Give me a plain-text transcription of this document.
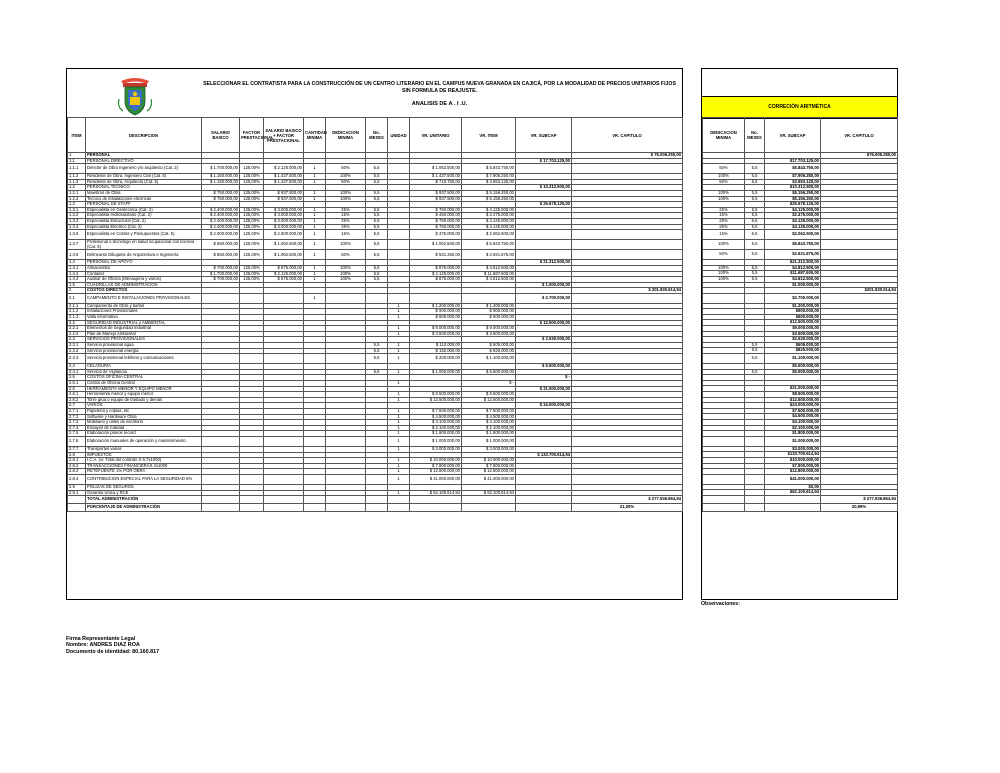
SELECCIONAR EL CONTRATISTA PARA LA CONSTRUCCIÓN DE UN CENTRO LITERARIO EN EL CAMPUS NUEVA GRANADA EN CAJICÁ, POR LA MODALIDAD DE PRECIOS UNITARIOS FIJOS SIN FORMULA DE REAJUSTE.
ANALISIS DE A . I .U.
ITEM	DESCRIPCION	SALARIO BASICO	FACTOR PRESTACIONAL	SALARIO BASICO + FACTOR PRESTACIONAL	CANTIDAD MINIMA	DEDICACION MINIMA	No. MESES	UNIDAD	VR. UNITARIO	VR. ITEM	VR. SUBCAP	VR. CAPITULO
1	PERSONAL											$ 76.006.250,00
1.1	PERSONAL DIRECTIVO										$ 17.703.125,00	
1.1.1	Director de Obra Ingeniero y/o arquitecto (Cat. 2)	$ 1.700.000,00	125,00%	$ 2.125.000,00	1	50%	5,5		$ 1.062.500,00	$ 5.843.750,00		
1.1.2	Residente de Obra, Ingeniero Civil (Cat. 5)	$ 1.150.000,00	125,00%	$ 1.437.500,00	1	100%	5,5		$ 1.437.500,00	$ 7.906.250,00		
1.1.3	Residente de Obra, Arquitecto (Cat. 5)	$ 1.150.000,00	125,00%	$ 1.437.500,00	1	50%	5,5		$ 718.750,00	$ 3.953.125,00		
1.2	PERSONAL TECNICO										$ 10.312.500,00	
1.2.1	Maestros de Obra	$ 750.000,00	125,00%	$ 937.500,00	1	100%	5,5		$ 937.500,00	$ 5.156.250,00		
1.2.2	Tecnico de instalaciones electricas	$ 750.000,00	125,00%	$ 937.500,00	1	100%	5,5		$ 937.500,00	$ 5.156.250,00		
1.3	PERSONAL DE STAFF										$ 25.678.125,00	
1.3.1	Especialista en Geotecnica (Cat. 2)	$ 2.400.000,00	125,00%	$ 3.000.000,00	1	25%	5,5		$ 750.000,00	$ 4.125.000,00		
1.3.2	Especialista Hidrosanitario (Cat. 2)	$ 2.400.000,00	125,00%	$ 3.000.000,00	1	15%	5,5		$ 450.000,00	$ 2.475.000,00		
1.3.3	Especialista Estructural (Cat. 2)	$ 2.400.000,00	125,00%	$ 3.000.000,00	1	25%	5,5		$ 750.000,00	$ 4.125.000,00		
1.3.4	Especialista Eléctrico (Cat. 2)	$ 2.400.000,00	125,00%	$ 3.000.000,00	1	25%	5,5		$ 750.000,00	$ 4.125.000,00		
1.3.6	Especialista en Costos y Presupuestos (Cat. 5)	$ 2.000.000,00	125,00%	$ 2.500.000,00	1	15%	5,5		$ 375.000,00	$ 2.062.500,00		
1.3.7	Profesional o tecnólogo en salud ocupacional con licencia (Cat. 5)	$ 850.000,00	125,00%	$ 1.062.500,00	1	100%	5,5		$ 1.062.500,00	$ 5.843.750,00		
1.3.8	Delineante Dibujante de Arquitectura e Ingeniería	$ 850.000,00	125,00%	$ 1.062.500,00	1	50%	5,5		$ 531.250,00	$ 2.921.875,00		
1.4	PERSONAL DE APOYO										$ 21.312.500,00	
1.4.1	Almacenista	$ 700.000,00	125,00%	$ 875.000,00	1	100%	5,5		$ 875.000,00	$ 4.812.500,00		
1.4.2	Contador	$ 1.700.000,00	125,00%	$ 2.125.000,00	1	100%	5,5		$ 2.125.000,00	$ 11.687.500,00		
1.4.4	Auxiliar de Oficina (Mensajería y varios)	$ 700.000,00	125,00%	$ 875.000,00	1	100%	5,5		$ 875.000,00	$ 4.812.500,00		
1.5	CUADRILLAS DE ADMINISTRACION										$ 1.000.000,00	
2	COSTOS DIRECTOS											$ 201.930.614,94
2.1	CAMPAMENTO E INSTALACIONES PROVISIONALES				1						$ 2.700.000,00	
2.1.1	Campamento de Obra y baños							1	$ 1.200.000,00	$ 1.200.000,00		
2.1.2	Instalaciones Provisionales							1	$ 900.000,00	$ 900.000,00		
2.1.3	Valla informativa							1	$ 600.000,00	$ 600.000,00		
2.2	SEGURIDAD INDUSTRIAL y AMBIENTAL										$ 12.500.000,00	
2.2.1	Elementos de Seguridad Industrial							1	$ 9.000.000,00	$ 9.000.000,00		
2.2.2	Plan de Manejo Ambiental							1	$ 3.500.000,00	$ 3.500.000,00		
2.3	SERVICIOS PROVISIONALES										$ 2.530.000,00	
2.3.1	Servicio provisional agua						5,5	1	$ 110.000,00	$ 605.000,00		
2.3.2	Servicio provisional energía						5,5	1	$ 150.000,00	$ 825.000,00		
2.3.3	Servicio provisional teléfono y comunicaciones						5,5	1	$ 200.000,00	$ 1.100.000,00		
2.4	CELADURIA										$ 5.500.000,00	
2.4.1	Servicio de Vigilancia						5,5	1	$ 1.000.000,00	$ 5.500.000,00		
2.5	COSTOS OFICINA CENTRAL										$ -	
2.5.1	Costos de Oficina Central							1		$ -		
2.6	HERRAMIENTA MENOR Y EQUIPO MENOR										$ 21.000.000,00	
2.6.1	Herramienta menor y equipo menor							1	$ 8.500.000,00	$ 8.500.000,00		
2.6.2	Torre grúa o equipo de traslado y demás							1	$ 12.500.000,00	$ 12.500.000,00		
2.7	VARIOS										$ 24.000.000,00	
2.7.1	Papelería y copias, etc							1	$ 7.500.000,00	$ 7.500.000,00		
2.7.2	Software y Hardware Obra							1	$ 4.500.000,00	$ 4.500.000,00		
2.7.3	Mobiliario y útiles de escritorio							1	$ 4.100.000,00	$ 4.100.000,00		
2.7.4	Ensayos de Calidad							1	$ 2.100.000,00	$ 2.100.000,00		
2.7.5	Elaboración planos récord							1	$ 1.800.000,00	$ 1.800.000,00		
2.7.6	Elaboración manuales de operación y mantenimiento							1	$ 1.000.000,00	$ 1.000.000,00		
2.7.7	Transportes varios							1	$ 3.000.000,00	$ 3.000.000,00		
2.8	IMPUESTOS										$ 133.700.614,94	
2.8.1	I.C.A. (vr. Total del contrato X 9,7x1000)							1	$ 10.000.000,00	$ 10.000.000,00		
2.8.2	TRANSACCIONES FINANCIERAS 4x1000							1	$ 7.800.000,00	$ 7.800.000,00		
2.8.3	RETEFUENTE 1% POR OBRA							1	$ 12.800.000,00	$ 12.800.000,00		
2.8.4	CONTRIBUCION ESPECIAL PARA LA SEGURIDAD 5%							1	$ 41.000.000,00	$ 41.000.000,00		
2.9	PÓLIZAS DE SEGUROS											
2.9.1	Garantía Única y RCE							1	$ 62.100.614,94	$ 62.100.614,94		
	TOTAL ADMINISTRACIÓN											$ 277.936.864,94
	PORCENTAJE DE ADMINISTRACIÓN											21,00%
CORRECIÓN ARITMÉTICA
DEDICACION MINIMA	No. MESES	VR. SUBCAP	VR. CAPITULO
			$76.006.250,00
		$17.703.125,00	
50%	5,5	$5.843.750,00	
100%	5,5	$7.906.250,00	
50%	5,5	$3.953.125,00	
		$10.312.500,00	
100%	5,5	$5.156.250,00	
100%	5,5	$5.156.250,00	
		$25.678.125,00	
25%	5,5	$4.125.000,00	
15%	5,5	$2.475.000,00	
25%	5,5	$4.125.000,00	
25%	5,5	$4.125.000,00	
15%	5,5	$2.062.500,00	
100%	5,5	$5.843.750,00	
50%	5,5	$2.921.875,00	
		$21.312.500,00	
100%	5,5	$4.812.500,00	
100%	5,5	$11.687.500,00	
100%	5,5	$4.812.500,00	
		$1.000.000,00	
			$201.930.614,94
		$2.700.000,00	
		$1.200.000,00	
		$900.000,00	
		$600.000,00	
		$12.500.000,00	
		$9.000.000,00	
		$3.500.000,00	
		$2.530.000,00	
	5,5	$605.000,00	
	5,5	$825.000,00	
	5,5	$1.100.000,00	
		$5.500.000,00	
	5,5	$5.500.000,00	

		$21.000.000,00	
		$8.500.000,00	
		$12.500.000,00	
		$24.000.000,00	
		$7.500.000,00	
		$4.500.000,00	
		$4.100.000,00	
		$2.100.000,00	
		$1.800.000,00	
		$1.000.000,00	
		$3.000.000,00	
		$133.700.614,94	
		$10.000.000,00	
		$7.800.000,00	
		$12.800.000,00	
		$41.000.000,00	
		$0,00	
		$62.100.614,94	
			$ 277.936.864,94
			20,99%
Observaciones:
Firma Representante Legal
Nombre: ANDRES DIAZ ROA
Documento de identidad: 80.160.817
